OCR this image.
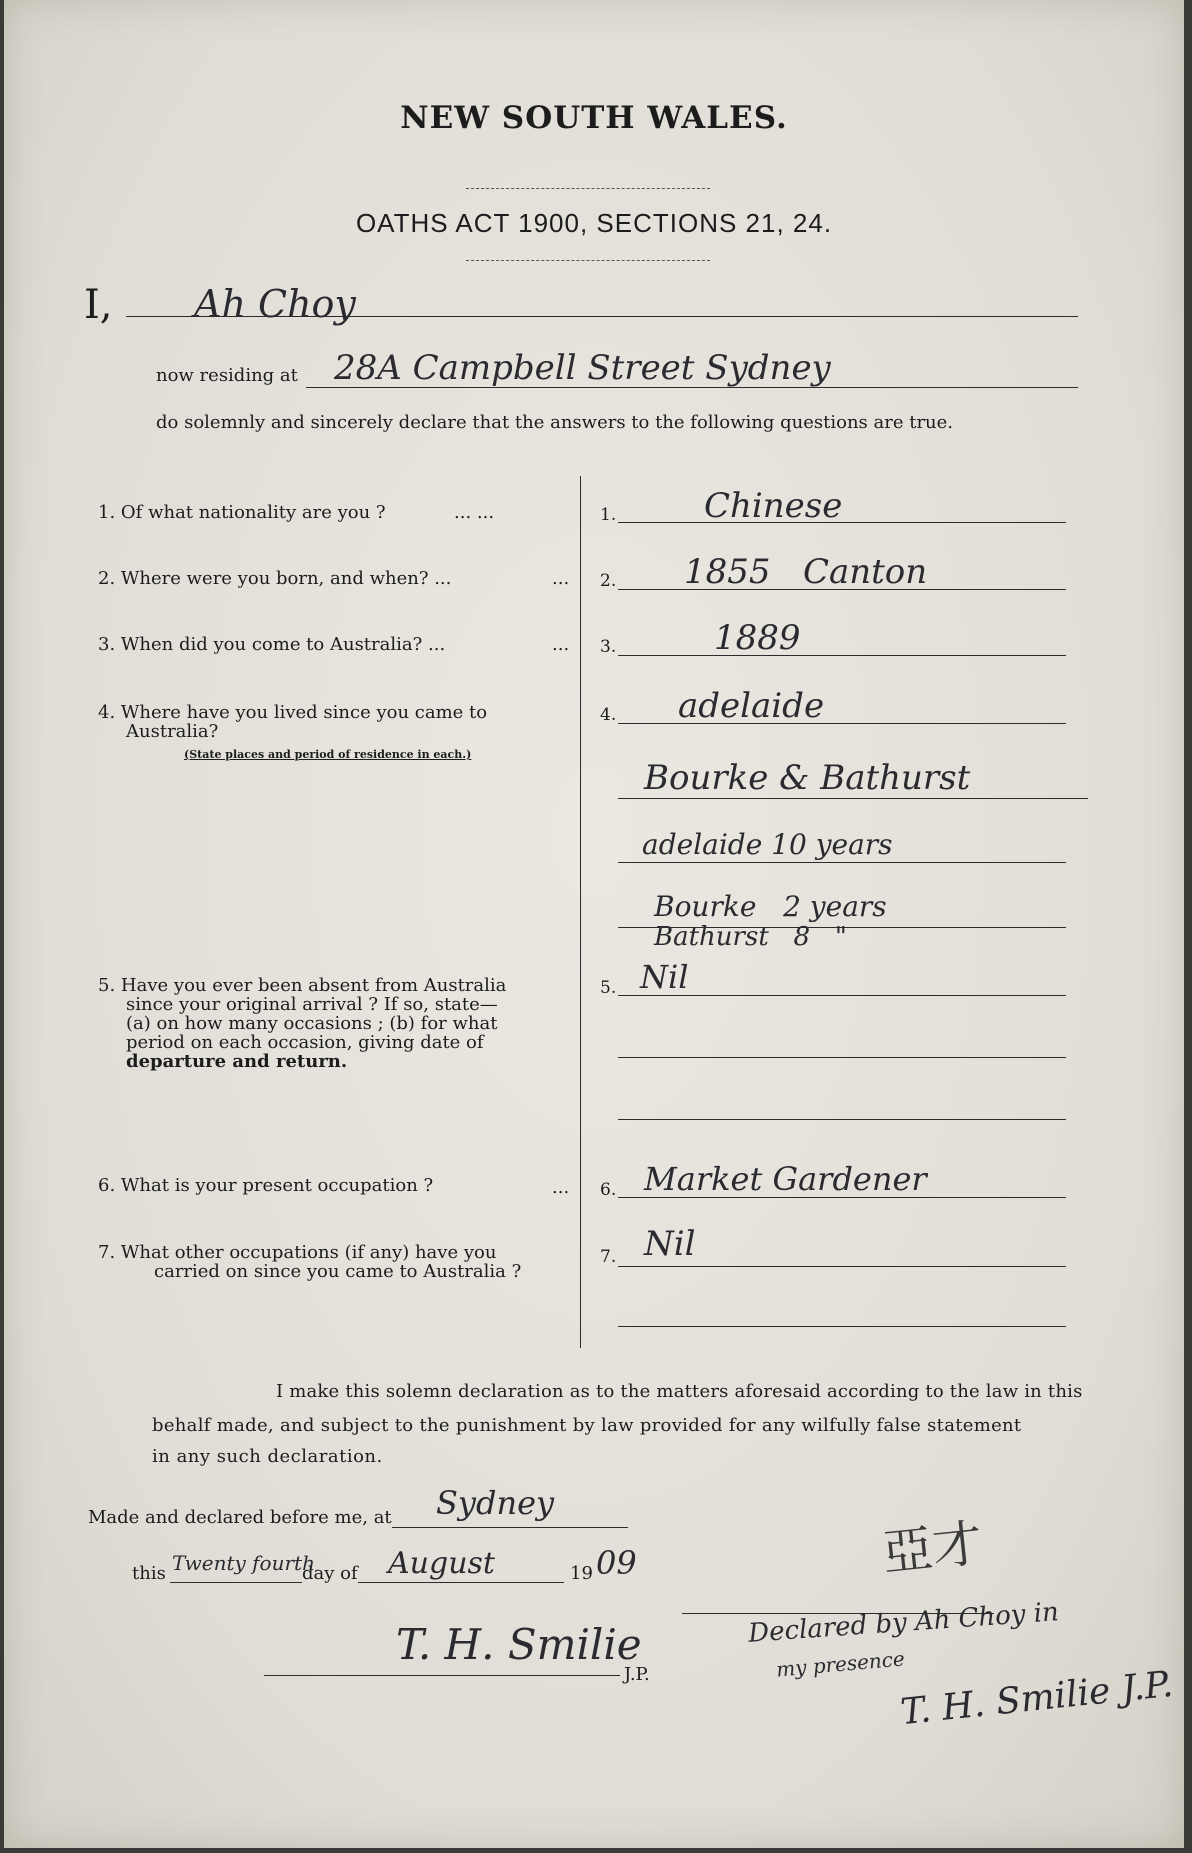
NEW SOUTH WALES.
OATHS ACT 1900, SECTIONS 21, 24.
I, Ah Choy
now residing at 28A Campbell Street Sydney
do solemnly and sincerely declare that the answers to the following questions are true.
1. Of what nationality are you ?	... ...	1.	Chinese
2. Where were you born, and when? ...	... 2. 1855   Canton
3. When did you come to Australia? ...	... 3.	1889
4. Where have you lived since you came to
Australia?
(State places and period of residence in each.)
4. adelaide
Bourke & Bathurst
adelaide 10 years
Bourke   2 years
Bathurst   8   "
5. Have you ever been absent from Australia
since your original arrival ? If so, state—
(a) on how many occasions ; (b) for what
period on each occasion, giving date of
departure and return.
5. Nil
6. What is your present occupation ?	... 6. Market Gardener
7. What other occupations (if any) have you
carried on since you came to Australia ?
7. Nil
I make this solemn declaration as to the matters aforesaid according to the law in this
behalf made, and subject to the punishment by law provided for any wilfully false statement
in any such declaration.
Made and declared before me, at Sydney
this Twenty fourth
day of August	19 09
T. H. Smilie
J.P.
亞才
Declared by Ah Choy in
my presence
T. H. Smilie J.P.
